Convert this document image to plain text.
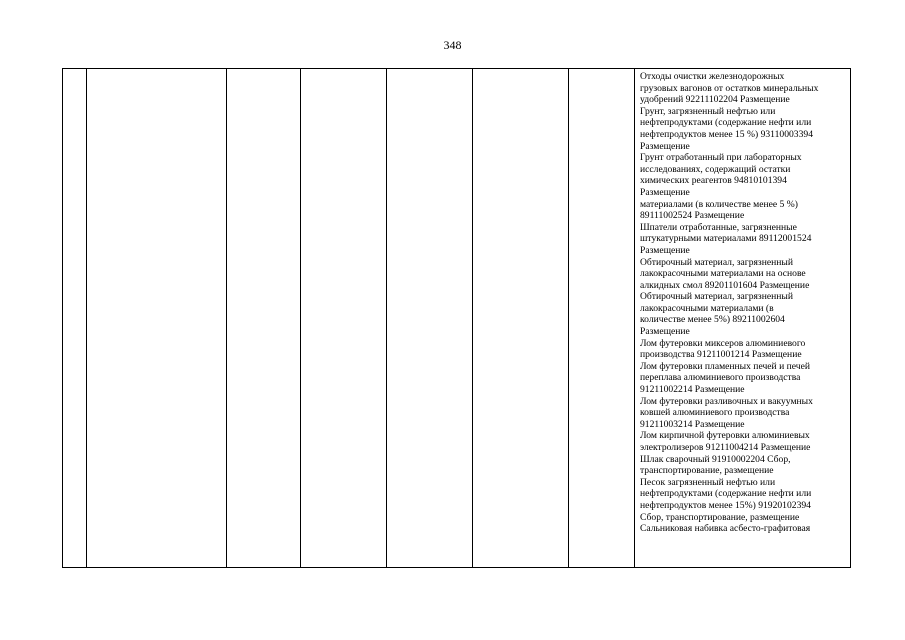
348

Отходы очистки железнодорожных
грузовых вагонов от остатков минеральных
удобрений 92211102204 Размещение
Грунт, загрязненный нефтью или
нефтепродуктами (содержание нефти или
нефтепродуктов менее 15 %) 93110003394
Размещение
Грунт отработанный при лабораторных
исследованиях, содержащий остатки
химических реагентов 94810101394
Размещение
материалами (в количестве менее 5 %)
89111002524 Размещение
Шпатели отработанные, загрязненные
штукатурными материалами 89112001524
Размещение
Обтирочный материал, загрязненный
лакокрасочными материалами на основе
алкидных смол 89201101604 Размещение
Обтирочный материал, загрязненный
лакокрасочными материалами (в
количестве менее 5%) 89211002604
Размещение
Лом футеровки миксеров алюминиевого
производства 91211001214 Размещение
Лом футеровки пламенных печей и печей
переплава алюминиевого производства
91211002214 Размещение
Лом футеровки разливочных и вакуумных
ковшей алюминиевого производства
91211003214 Размещение
Лом кирпичной футеровки алюминиевых
электролизеров 91211004214 Размещение
Шлак сварочный 91910002204 Сбор,
транспортирование, размещение
Песок загрязненный нефтью или
нефтепродуктами (содержание нефти или
нефтепродуктов менее 15%) 91920102394
Сбор, транспортирование, размещение
Сальниковая набивка асбесто-графитовая
